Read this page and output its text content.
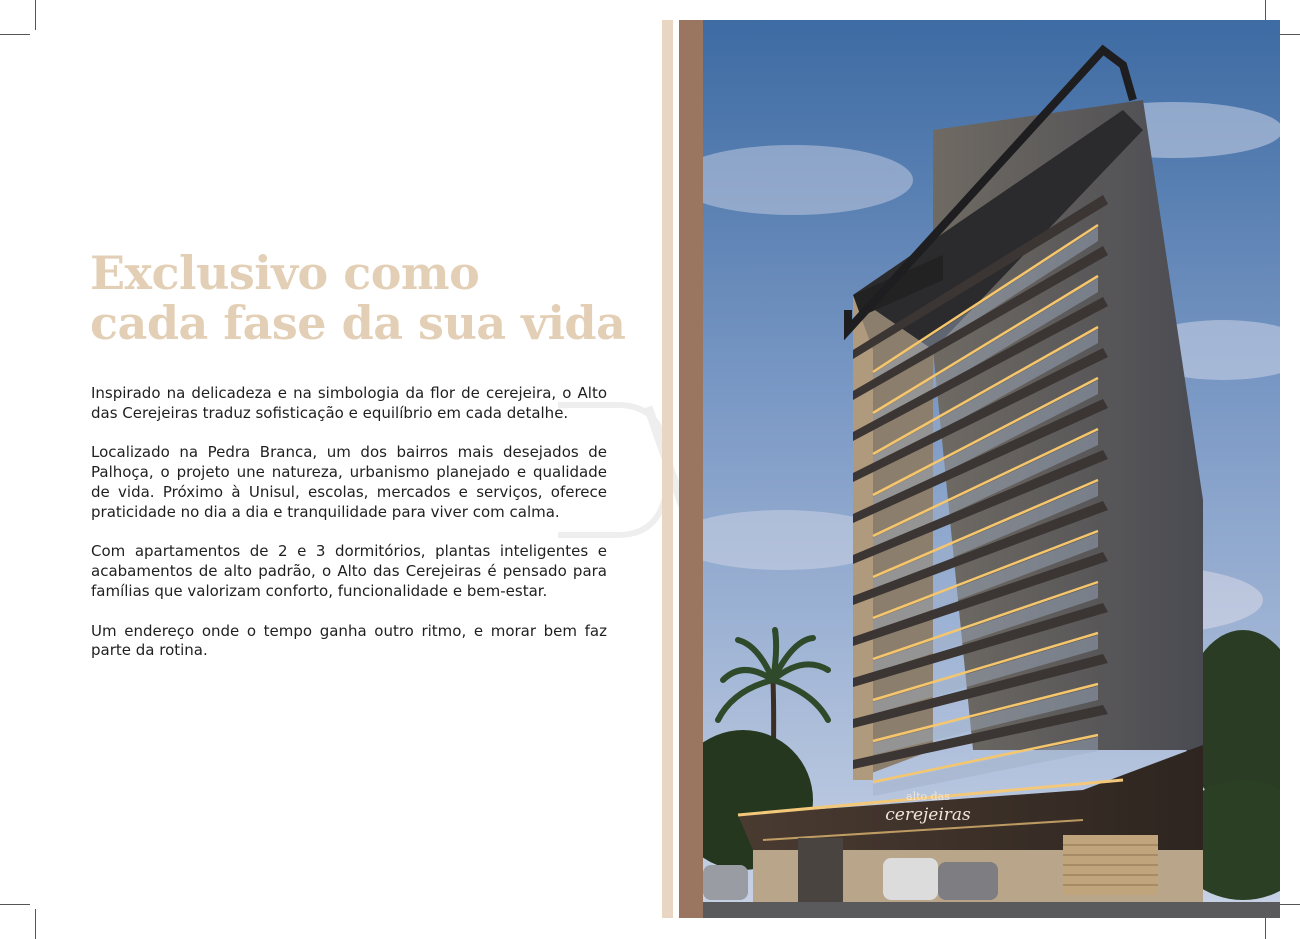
Exclusivo como
cada fase da sua vida

Inspirado na delicadeza e na simbologia da flor de cerejeira, o Alto das Cerejeiras traduz sofisticação e equilíbrio em cada detalhe.

Localizado na Pedra Branca, um dos bairros mais desejados de Palhoça, o projeto une natureza, urbanismo planejado e qualidade de vida. Próximo à Unisul, escolas, mercados e serviços, oferece praticidade no dia a dia e tranquilidade para viver com calma.

Com apartamentos de 2 e 3 dormitórios, plantas inteligentes e acabamentos de alto padrão, o Alto das Cerejeiras é pensado para famílias que valorizam conforto, funcionalidade e bem-estar.

Um endereço onde o tempo ganha outro ritmo, e morar bem faz parte da rotina.

alto das
cerejeiras
